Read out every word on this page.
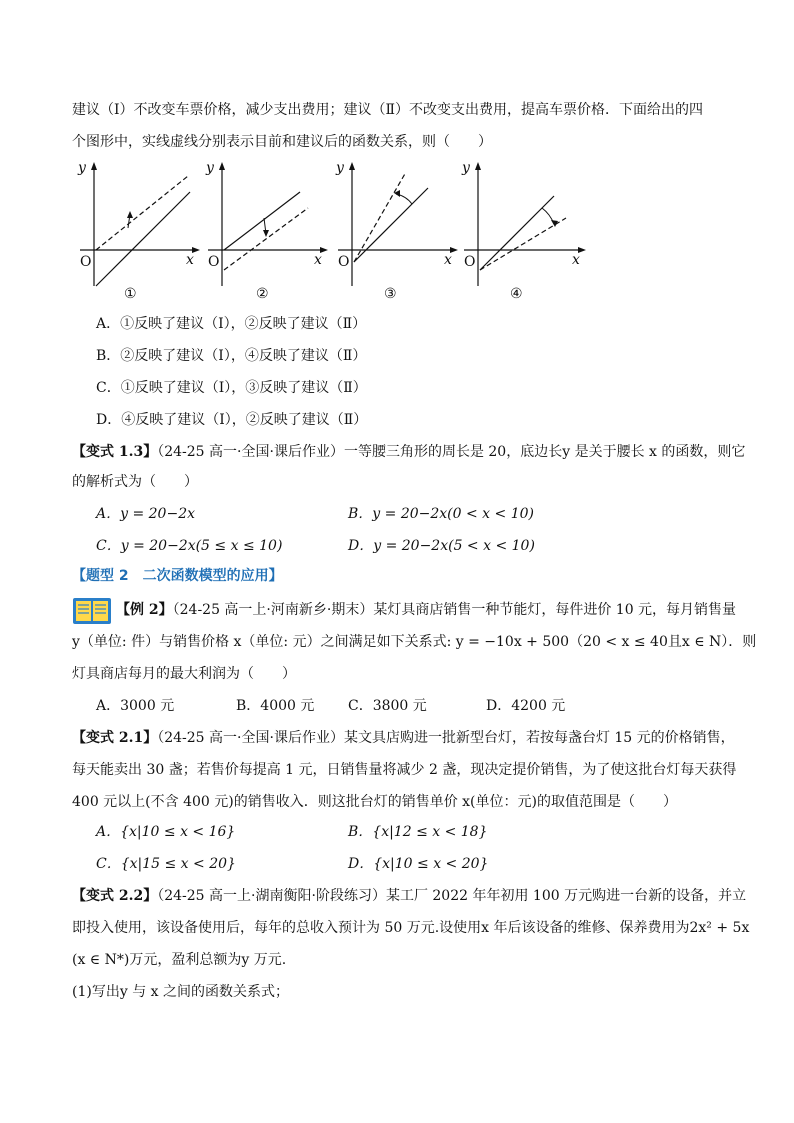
建议（Ⅰ）不改变车票价格，减少支出费用；建议（Ⅱ）不改变支出费用，提高车票价格．下面给出的四
个图形中，实线虚线分别表示目前和建议后的函数关系，则（　　）
y
O	x
①
y
O	x
②
y
O	x
③
y
O	x
④
A．①反映了建议（Ⅰ），②反映了建议（Ⅱ）
B．②反映了建议（Ⅰ），④反映了建议（Ⅱ）
C．①反映了建议（Ⅰ），③反映了建议（Ⅱ）
D．④反映了建议（Ⅰ），②反映了建议（Ⅱ）
【变式 1.3】（24-25 高一·全国·课后作业）一等腰三角形的周长是 20，底边长y 是关于腰长 x 的函数，则它
的解析式为（　　）
A．y = 20−2x	B．y = 20−2x(0 < x < 10)
C．y = 20−2x(5 ≤ x ≤ 10)	D．y = 20−2x(5 < x < 10)
【题型 2　二次函数模型的应用】
【例 2】（24-25 高一上·河南新乡·期末）某灯具商店销售一种节能灯，每件进价 10 元，每月销售量
y（单位: 件）与销售价格 x（单位: 元）之间满足如下关系式: y = −10x + 500（20 < x ≤ 40且x ∈ N）．则
灯具商店每月的最大利润为（　　）
A．3000 元	B．4000 元 C．3800 元	D．4200 元
【变式 2.1】（24-25 高一·全国·课后作业）某文具店购进一批新型台灯，若按每盏台灯 15 元的价格销售，
每天能卖出 30 盏；若售价每提高 1 元，日销售量将减少 2 盏，现决定提价销售，为了使这批台灯每天获得
400 元以上(不含 400 元)的销售收入．则这批台灯的销售单价 x(单位：元)的取值范围是（　　）
A．{x|10 ≤ x < 16}	B．{x|12 ≤ x < 18}
C．{x|15 ≤ x < 20}	D．{x|10 ≤ x < 20}
【变式 2.2】（24-25 高一上·湖南衡阳·阶段练习）某工厂 2022 年年初用 100 万元购进一台新的设备，并立
即投入使用，该设备使用后，每年的总收入预计为 50 万元.设使用x 年后该设备的维修、保养费用为2x² + 5x
(x ∈ N*)万元，盈利总额为y 万元.
(1)写出y 与 x 之间的函数关系式；
